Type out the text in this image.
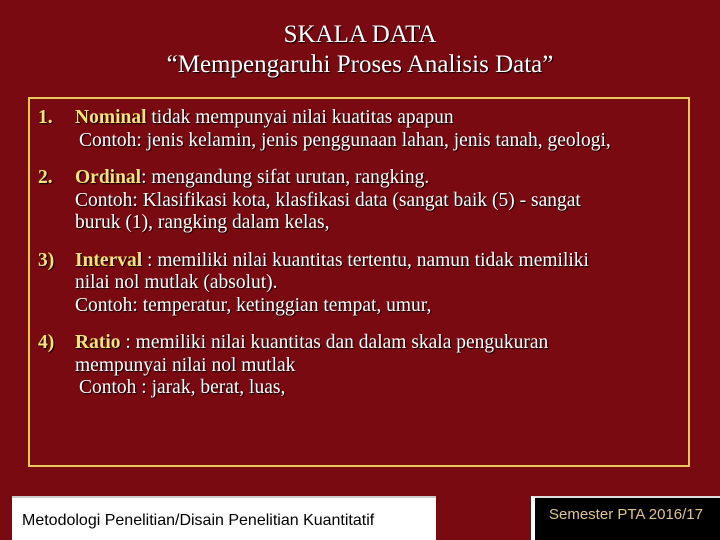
SKALA DATA
“Mempengaruhi Proses Analisis Data”
1.	Nominal tidak mempunyai nilai kuatitas apapun
Contoh: jenis kelamin, jenis penggunaan lahan, jenis tanah, geologi,
2.	Ordinal: mengandung sifat urutan, rangking.
Contoh: Klasifikasi kota, klasfikasi data (sangat baik (5) - sangat
buruk (1), rangking dalam kelas,
3)	Interval : memiliki nilai kuantitas tertentu, namun tidak memiliki
nilai nol mutlak (absolut).
Contoh: temperatur, ketinggian tempat, umur,
4)	Ratio : memiliki nilai kuantitas dan dalam skala pengukuran
mempunyai nilai nol mutlak
Contoh : jarak, berat, luas,
Metodologi Penelitian/Disain Penelitian Kuantitatif	Semester PTA 2016/17
